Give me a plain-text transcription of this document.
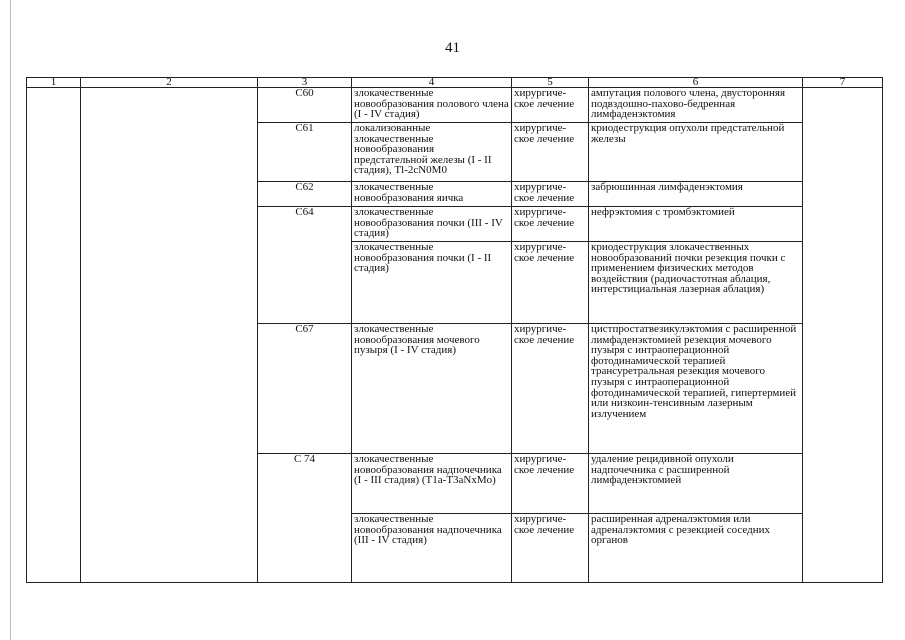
41
1	2	3	4	5	6	7
		C60	злокачественные новообразования полового члена (I - IV стадия)	хирургиче-ское лечение	ампутация полового члена, двусторонняя подвздошно-пахово-бедренная лимфаденэктомия	
		C61	локализованные злокачественные новообразования предстательной железы (I - II стадия), Tl-2cN0M0	хирургиче-ское лечение	криодеструкция опухоли предстательной железы	
		C62	злокачественные новообразования яичка	хирургиче-ское лечение	забрюшинная лимфаденэктомия	
		C64	злокачественные новообразования почки (III - IV стадия)	хирургиче-ское лечение	нефрэктомия с тромбэктомией	
			злокачественные новообразования почки (I - II стадия)	хирургиче-ское лечение	криодеструкция злокачественных новообразований почки резекция почки с применением физических методов воздействия (радиочастотная аблация, интерстициальная лазерная аблация)	
		C67	злокачественные новообразования мочевого пузыря (I - IV стадия)	хирургиче-ское лечение	цистпростатвезикулэктомия с расширенной лимфаденэктомией резекция мочевого пузыря с интраоперационной фотодинамической терапией трансуретральная резекция мочевого пузыря с интраоперационной фотодинамической терапией, гипертермией или низкоин-тенсивным лазерным излучением	
		C 74	злокачественные новообразования надпочечника (I - III стадия) (T1a-T3aNxMo)	хирургиче-ское лечение	удаление рецидивной опухоли надпочечника с расширенной лимфаденэктомией	
			злокачественные новообразования надпочечника (III - IV стадия)	хирургиче-ское лечение	расширенная адреналэктомия или адреналэктомия с резекцией соседних органов	
